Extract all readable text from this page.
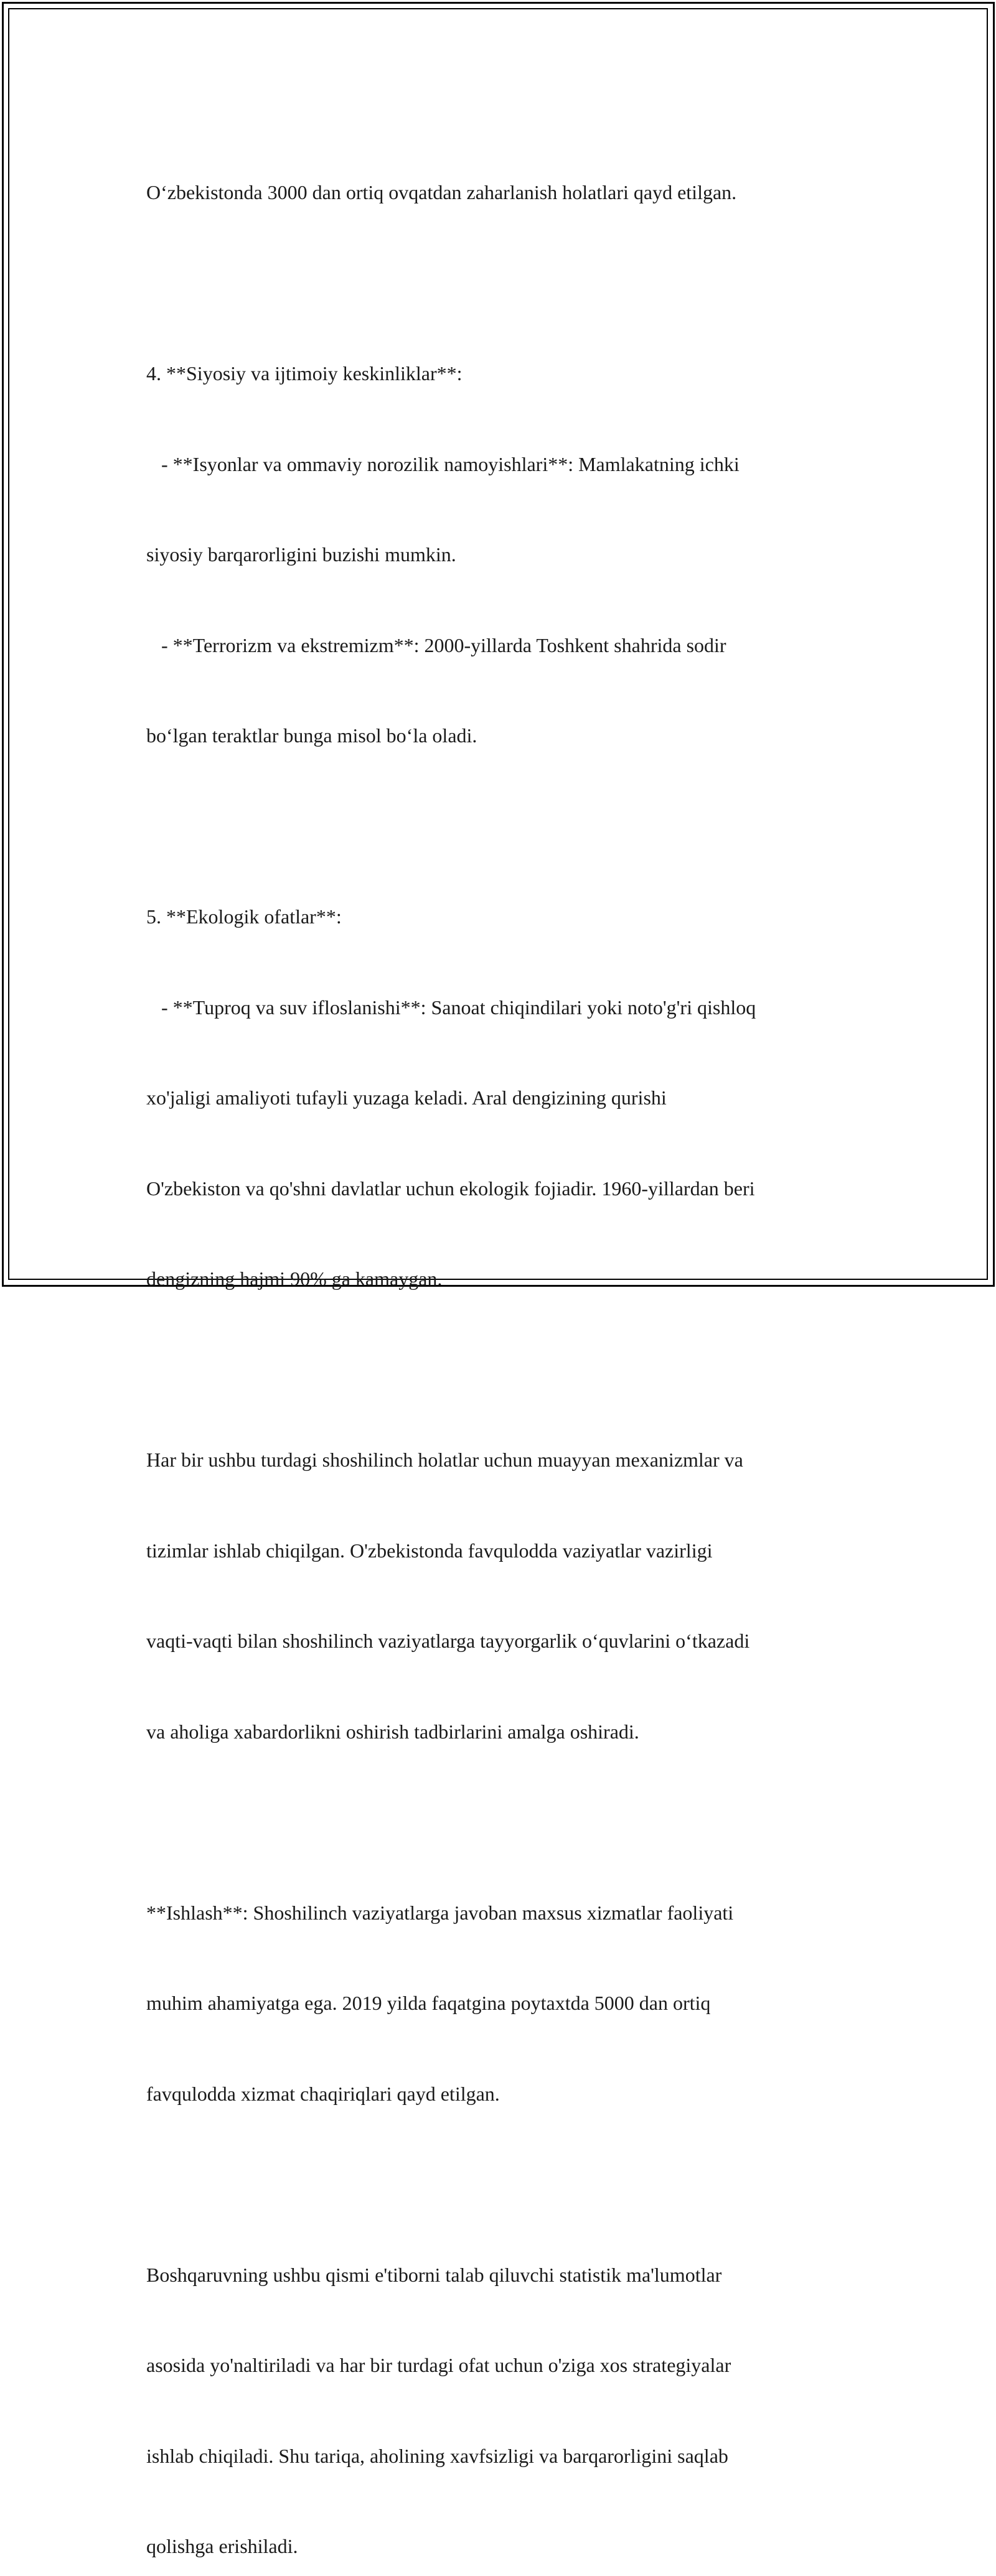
O‘zbekistonda 3000 dan ortiq ovqatdan zaharlanish holatlari qayd etilgan.

4. **Siyosiy va ijtimoiy keskinliklar**:

- **Isyonlar va ommaviy norozilik namoyishlari**: Mamlakatning ichki

siyosiy barqarorligini buzishi mumkin.

- **Terrorizm va ekstremizm**: 2000-yillarda Toshkent shahrida sodir

bo‘lgan teraktlar bunga misol bo‘la oladi.

5. **Ekologik ofatlar**:

- **Tuproq va suv ifloslanishi**: Sanoat chiqindilari yoki noto'g'ri qishloq

xo'jaligi amaliyoti tufayli yuzaga keladi. Aral dengizining qurishi

O'zbekiston va qo'shni davlatlar uchun ekologik fojiadir. 1960-yillardan beri

dengizning hajmi 90% ga kamaygan.

Har bir ushbu turdagi shoshilinch holatlar uchun muayyan mexanizmlar va

tizimlar ishlab chiqilgan. O'zbekistonda favqulodda vaziyatlar vazirligi

vaqti-vaqti bilan shoshilinch vaziyatlarga tayyorgarlik o‘quvlarini o‘tkazadi

va aholiga xabardorlikni oshirish tadbirlarini amalga oshiradi.

**Ishlash**: Shoshilinch vaziyatlarga javoban maxsus xizmatlar faoliyati

muhim ahamiyatga ega. 2019 yilda faqatgina poytaxtda 5000 dan ortiq

favqulodda xizmat chaqiriqlari qayd etilgan.

Boshqaruvning ushbu qismi e'tiborni talab qiluvchi statistik ma'lumotlar

asosida yo'naltiriladi va har bir turdagi ofat uchun o'ziga xos strategiyalar

ishlab chiqiladi. Shu tariqa, aholining xavfsizligi va barqarorligini saqlab

qolishga erishiladi.
